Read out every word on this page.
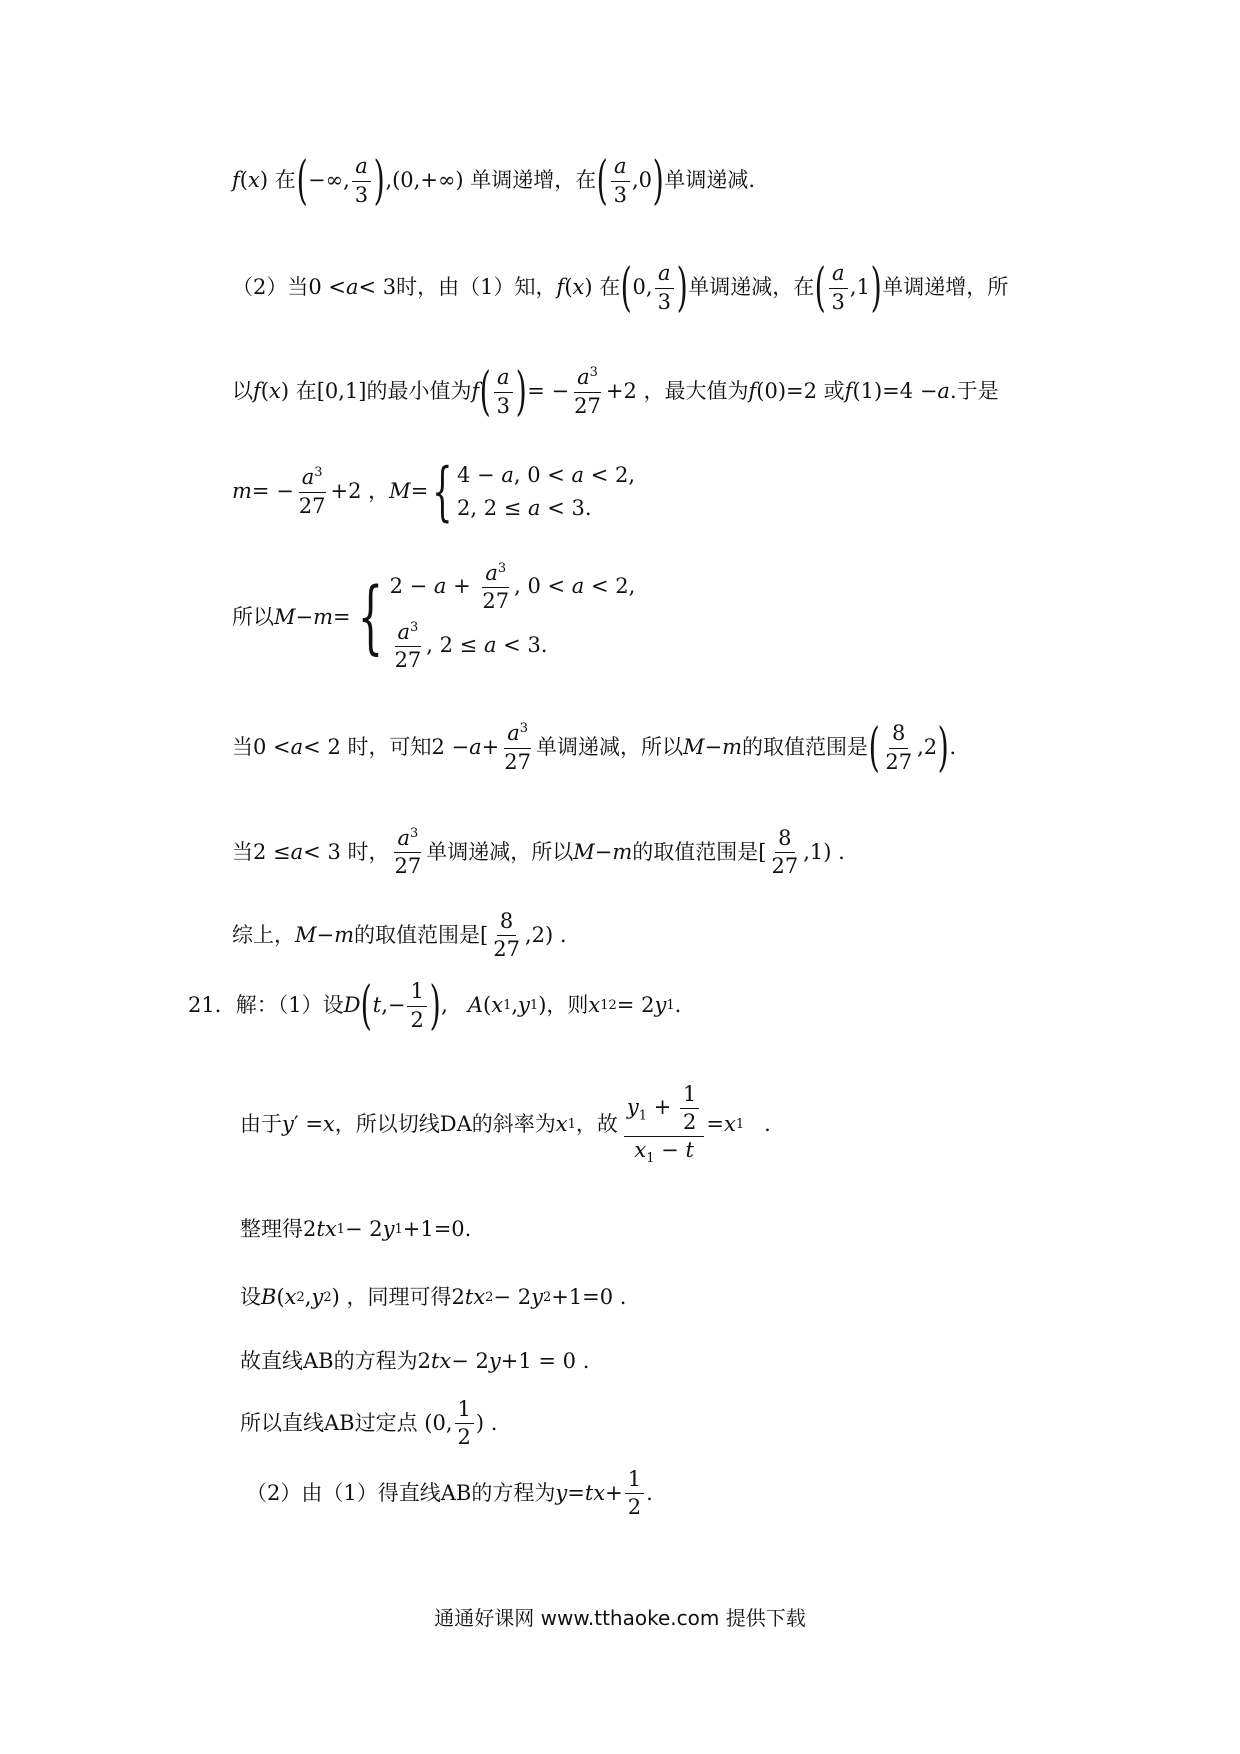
f ( x ) 在 ( −∞, $\frac{a}{3}$ ) ,(0,+∞) 单调递增，在 ( $\frac{a}{3} ,0$ ) 单调递减.
（2）当0 < a < 3时，由（1）知， f ( x ) 在 ( 0, $\frac{a}{3}$ ) 单调递减，在 ( $\frac{a}{3} ,1$ ) 单调递增，所
以 f ( x ) 在[0,1]的最小值为 f ( $\frac{a}{3}$ ) = − $\frac{a^3}{27} +2$ ，最大值为 f (0)=2 或 f (1)=4 − a .于是
m = − $\frac{a^3}{27} +2$ ， M = { 4 − a, 0 < a < 2,
2, 2 ≤ a < 3.
所以 M − m = { $2 - a + \frac{a^3}{27}$ , 0 < a < 2,
$\frac{a^3}{27}$ , 2 ≤ a < 3.
当0 < a < 2 时，可知$2 - a + \frac{a^3}{27}$ 单调递减，所以 M − m 的取值范围是 ( $\frac{8}{27} ,2$ ) .
当2 ≤ a < 3 时， $\frac{a^3}{27}$ 单调递减，所以 M − m 的取值范围是[ $\frac{8}{27} ,1$) .
综上， M − m 的取值范围是[ $\frac{8}{27} ,2$) .
21．解：（1）设 D ( t ,− $\frac{1}{2}$ ) , A ( x 1 , y 1 )，则 x 1 2 = 2 y 1 .
由于 y ′ = x ，所以切线DA的斜率为 x 1 ，故 $\frac{y_1 + \frac{1}{2}}{x_1 - t} = x$ 1 .
整理得2 t x 1 − 2 y 1 +1=0.
设 B ( x 2 , y 2 ) ，同理可得2 t x 2 − 2 y 2 +1=0 .
故直线AB的方程为2 t x − 2 y +1 = 0 .
所以直线AB过定点 (0, $\frac{1}{2}$ ) .
（2）由（1）得直线AB的方程为 y = t $x + \frac{1}{2}$ .
通通好课网 www.tthaoke.com 提供下载
